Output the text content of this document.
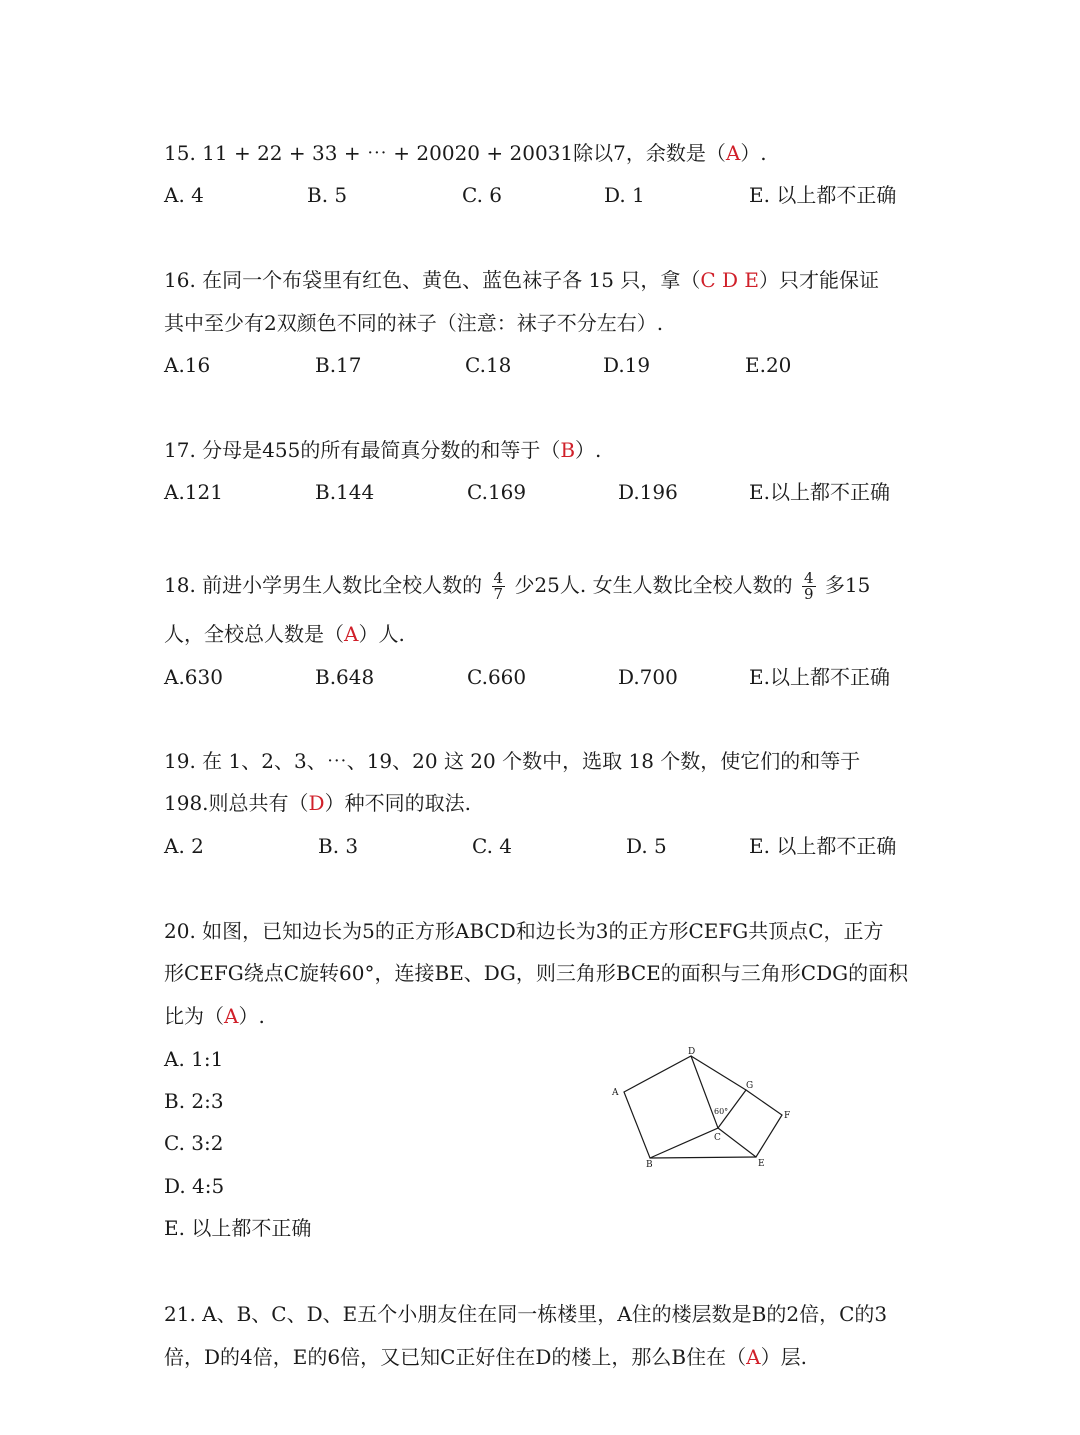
15. 11 + 22 + 33 + ⋯ + 20020 + 20031除以7，余数是（A）.
A. 4	B. 5	C. 6	D. 1	E. 以上都不正确
16. 在同一个布袋里有红色、黄色、蓝色袜子各 15 只，拿（C D E）只才能保证
其中至少有2双颜色不同的袜子（注意：袜子不分左右）.
A.16	B.17	C.18	D.19	E.20
17. 分母是455的所有最简真分数的和等于（B）.
A.121	B.144	C.169	D.196	E.以上都不正确
18. 前进小学男生人数比全校人数的 $\frac{4}{7}$ 少25人. 女生人数比全校人数的 $\frac{4}{9}$ 多15
人，全校总人数是（A）人.
A.630	B.648	C.660	D.700	E.以上都不正确
19. 在 1、2、3、⋯、19、20 这 20 个数中，选取 18 个数，使它们的和等于
198.则总共有（D）种不同的取法.
A. 2	B. 3	C. 4	D. 5	E. 以上都不正确
20. 如图，已知边长为5的正方形ABCD和边长为3的正方形CEFG共顶点C，正方
形CEFG绕点C旋转60°，连接BE、DG，则三角形BCE的面积与三角形CDG的面积
比为（A）.
A. 1:1
B. 2:3
C. 3:2
D. 4:5
E. 以上都不正确
A
B
C
D
E
F
G
60°
21. A、B、C、D、E五个小朋友住在同一栋楼里，A住的楼层数是B的2倍，C的3
倍，D的4倍，E的6倍，又已知C正好住在D的楼上，那么B住在（A）层.
